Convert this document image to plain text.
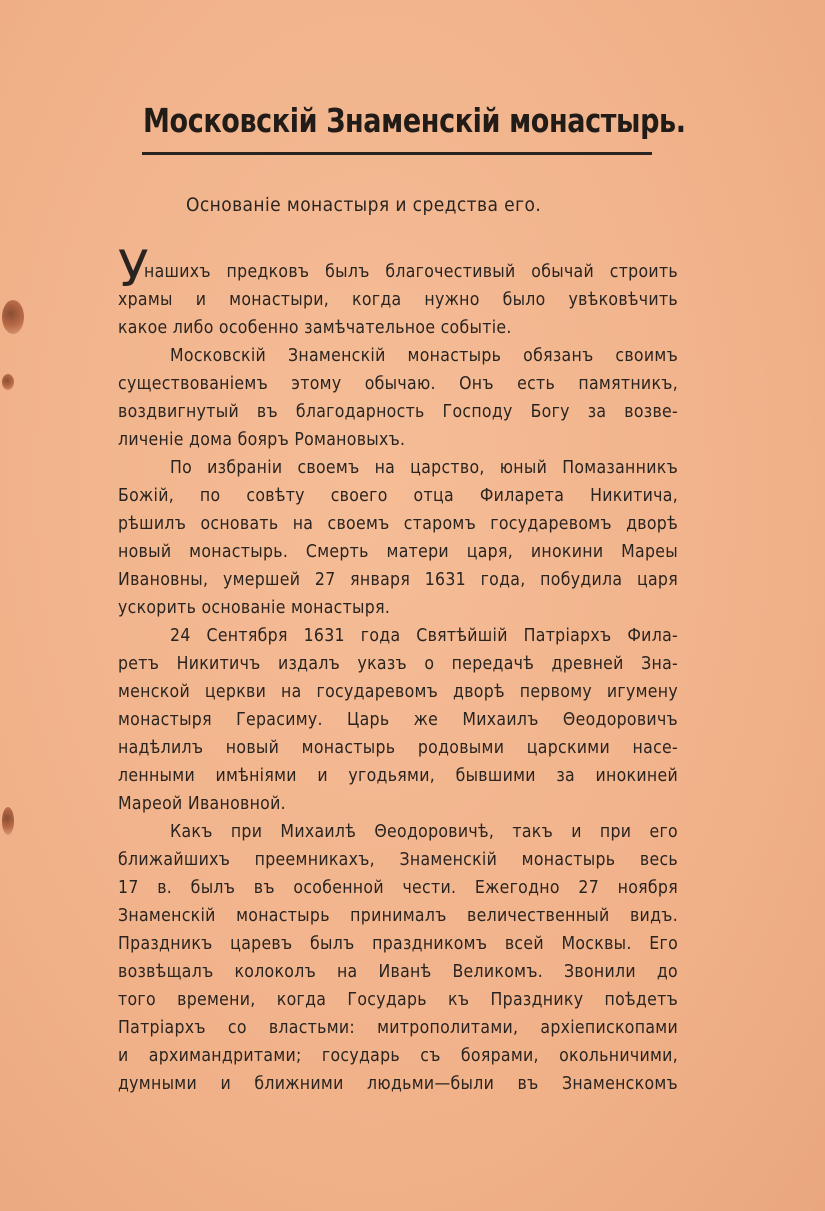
Московскій Знаменскій монастырь.
Основаніе монастыря и средства его.
У
нашихъ предковъ былъ благочестивый обычай строить
храмы и монастыри, когда нужно было увѣковѣчить
какое либо особенно замѣчательное событіе.
Московскій Знаменскій монастырь обязанъ своимъ
существованіемъ этому обычаю. Онъ есть памятникъ,
воздвигнутый въ благодарность Господу Богу за возве-
личеніе дома бояръ Романовыхъ.
По избраніи своемъ на царство, юный Помазанникъ
Божій, по совѣту своего отца Филарета Никитича,
рѣшилъ основать на своемъ старомъ государевомъ дворѣ
новый монастырь. Смерть матери царя, инокини Мареы
Ивановны, умершей 27 января 1631 года, побудила царя
ускорить основаніе монастыря.
24 Сентября 1631 года Святѣйшій Патріархъ Фила-
ретъ Никитичъ издалъ указъ о передачѣ древней Зна-
менской церкви на государевомъ дворѣ первому игумену
монастыря Герасиму. Царь же Михаилъ Θеодоровичъ
надѣлилъ новый монастырь родовыми царскими насе-
ленными имѣніями и угодьями, бывшими за инокиней
Мареой Ивановной.
Какъ при Михаилѣ Θеодоровичѣ, такъ и при его
ближайшихъ преемникахъ, Знаменскій монастырь весь
17 в. былъ въ особенной чести. Ежегодно 27 ноября
Знаменскій монастырь принималъ величественный видъ.
Праздникъ царевъ былъ праздникомъ всей Москвы. Его
возвѣщалъ колоколъ на Иванѣ Великомъ. Звонили до
того времени, когда Государь къ Празднику поѣдетъ
Патріархъ со властьми: митрополитами, архіепископами
и архимандритами; государь съ боярами, окольничими,
думными и ближними людьми—были въ Знаменскомъ
